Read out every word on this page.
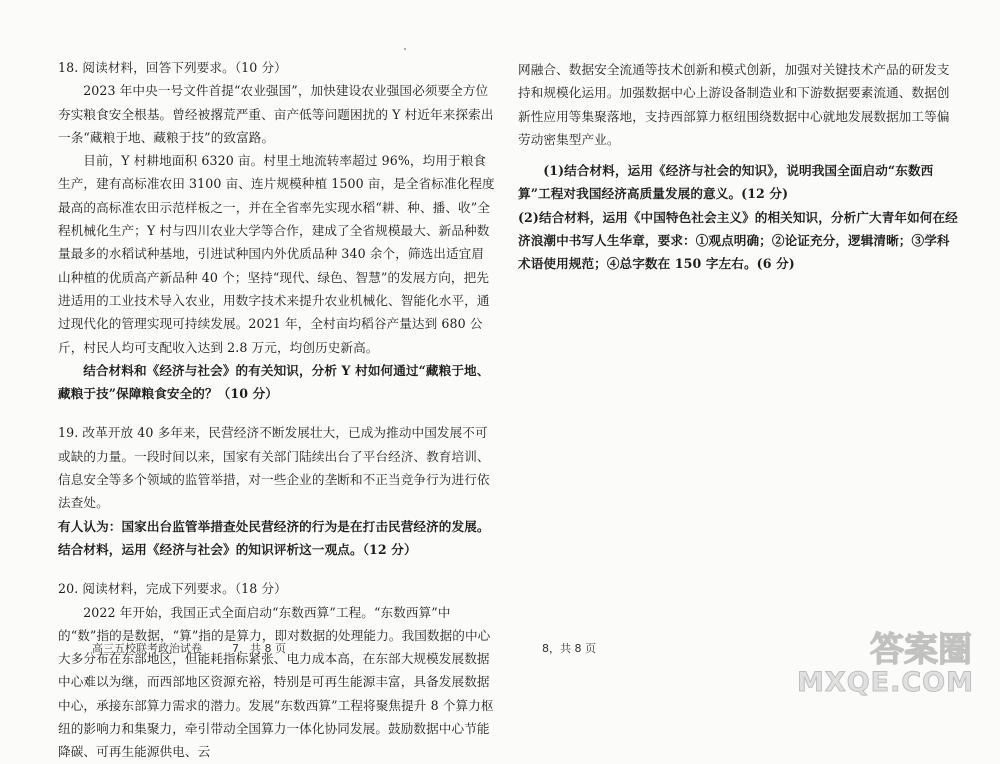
18. 阅读材料，回答下列要求。（10 分）

2023 年中央一号文件首提“农业强国”，加快建设农业强国必须要全方位夯实粮食安全根基。曾经被撂荒严重、亩产低等问题困扰的 Y 村近年来探索出一条“藏粮于地、藏粮于技”的致富路。

目前，Y 村耕地面积 6320 亩。村里土地流转率超过 96%，均用于粮食生产，建有高标准农田 3100 亩、连片规模种植 1500 亩，是全省标准化程度最高的高标准农田示范样板之一，并在全省率先实现水稻“耕、种、播、收”全程机械化生产；Y 村与四川农业大学等合作，建成了全省规模最大、新品种数量最多的水稻试种基地，引进试种国内外优质品种 340 余个，筛选出适宜眉山种植的优质高产新品种 40 个；坚持“现代、绿色、智慧”的发展方向，把先进适用的工业技术导入农业，用数字技术来提升农业机械化、智能化水平，通过现代化的管理实现可持续发展。2021 年，全村亩均稻谷产量达到 680 公斤，村民人均可支配收入达到 2.8 万元，均创历史新高。

结合材料和《经济与社会》的有关知识，分析 Y 村如何通过“藏粮于地、藏粮于技”保障粮食安全的？（10 分）

19. 改革开放 40 多年来，民营经济不断发展壮大，已成为推动中国发展不可或缺的力量。一段时间以来，国家有关部门陆续出台了平台经济、教育培训、信息安全等多个领域的监管举措，对一些企业的垄断和不正当竞争行为进行依法查处。

有人认为：国家出台监管举措查处民营经济的行为是在打击民营经济的发展。结合材料，运用《经济与社会》的知识评析这一观点。（12 分）

20. 阅读材料，完成下列要求。（18 分）

2022 年开始，我国正式全面启动“东数西算”工程。“东数西算”中的“数”指的是数据，“算”指的是算力，即对数据的处理能力。我国数据的中心大多分布在东部地区，但能耗指标紧张、电力成本高，在东部大规模发展数据中心难以为继，而西部地区资源充裕，特别是可再生能源丰富，具备发展数据中心，承接东部算力需求的潜力。发展“东数西算”工程将聚焦提升 8 个算力枢纽的影响力和集聚力，牵引带动全国算力一体化协同发展。鼓励数据中心节能降碳、可再生能源供电、云

网融合、数据安全流通等技术创新和模式创新，加强对关键技术产品的研发支持和规模化运用。加强数据中心上游设备制造业和下游数据要素流通、数据创新性应用等集聚落地，支持西部算力枢纽围绕数据中心就地发展数据加工等偏劳动密集型产业。

(1)结合材料，运用《经济与社会的知识》，说明我国全面启动“东数西算”工程对我国经济高质量发展的意义。(12 分)

(2)结合材料，运用《中国特色社会主义》的相关知识，分析广大青年如何在经济浪潮中书写人生华章，要求：①观点明确；②论证充分，逻辑清晰；③学科术语使用规范；④总字数在 150 字左右。(6 分)

高三五校联考政治试卷	7，共 8 页	8，共 8 页	答案圈
MXQE.COM
